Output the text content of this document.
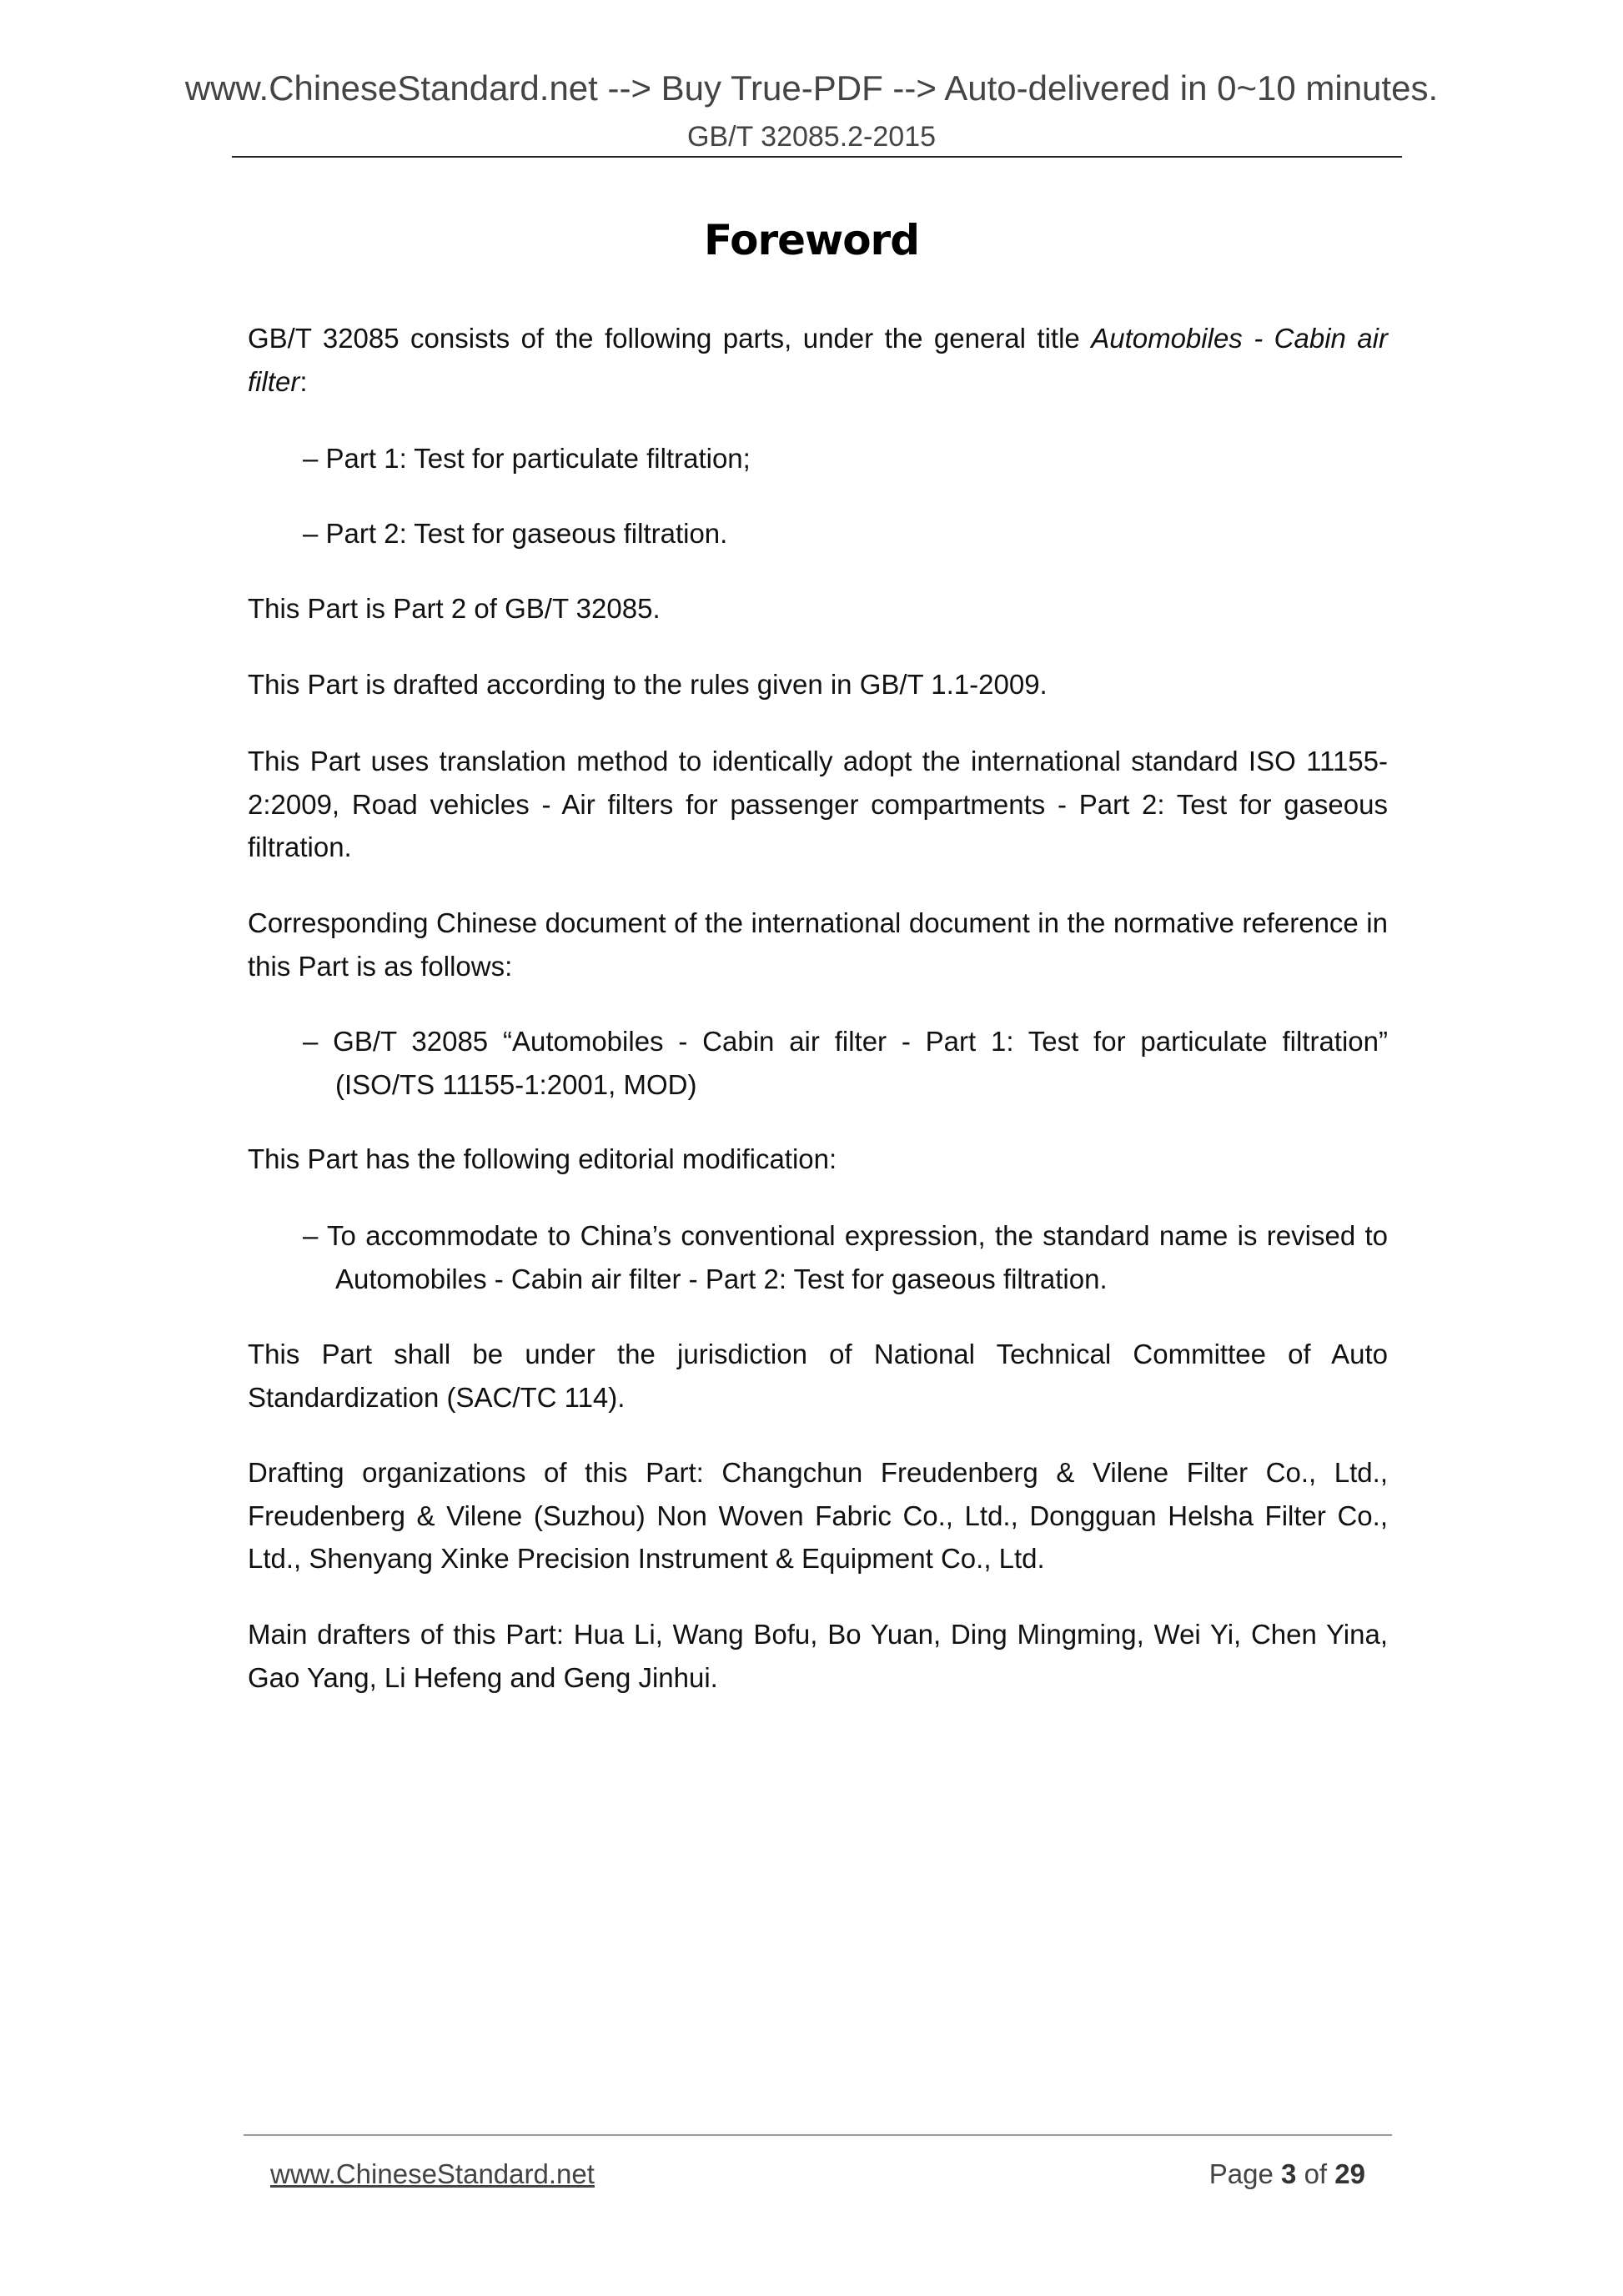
www.ChineseStandard.net --> Buy True-PDF --> Auto-delivered in 0~10 minutes.
GB/T 32085.2-2015
Foreword
GB/T 32085 consists of the following parts, under the general title Automobiles - Cabin air filter:
– Part 1: Test for particulate filtration;
– Part 2: Test for gaseous filtration.
This Part is Part 2 of GB/T 32085.
This Part is drafted according to the rules given in GB/T 1.1-2009.
This Part uses translation method to identically adopt the international standard ISO 11155-2:2009, Road vehicles - Air filters for passenger compartments - Part 2: Test for gaseous filtration.
Corresponding Chinese document of the international document in the normative reference in this Part is as follows:
– GB/T 32085 “Automobiles - Cabin air filter - Part 1: Test for particulate filtration” (ISO/TS 11155-1:2001, MOD)
This Part has the following editorial modification:
– To accommodate to China’s conventional expression, the standard name is revised to Automobiles - Cabin air filter - Part 2: Test for gaseous filtration.
This Part shall be under the jurisdiction of National Technical Committee of Auto Standardization (SAC/TC 114).
Drafting organizations of this Part: Changchun Freudenberg & Vilene Filter Co., Ltd., Freudenberg & Vilene (Suzhou) Non Woven Fabric Co., Ltd., Dongguan Helsha Filter Co., Ltd., Shenyang Xinke Precision Instrument & Equipment Co., Ltd.
Main drafters of this Part: Hua Li, Wang Bofu, Bo Yuan, Ding Mingming, Wei Yi, Chen Yina, Gao Yang, Li Hefeng and Geng Jinhui.
www.ChineseStandard.net	Page 3 of 29
